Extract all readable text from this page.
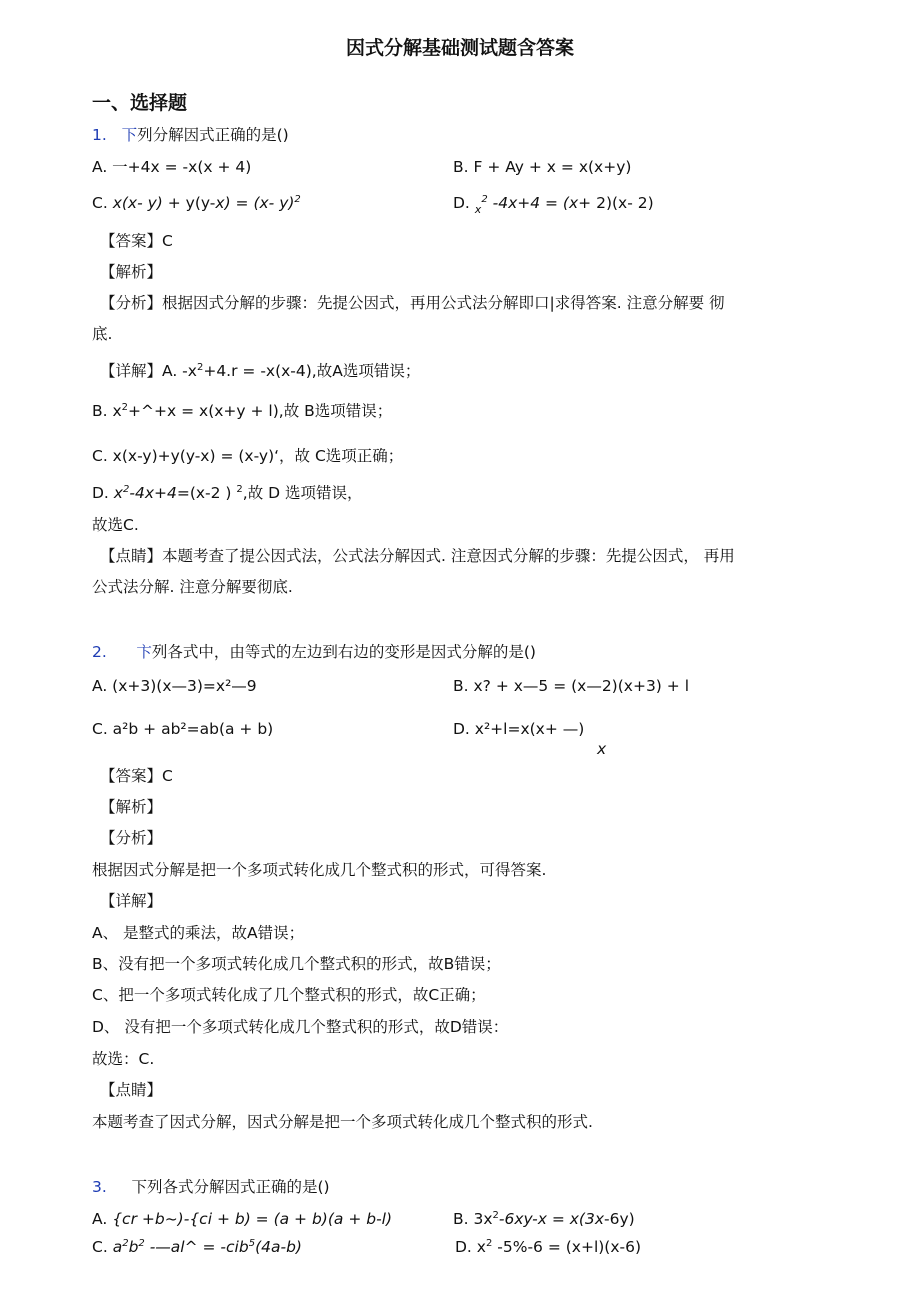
因式分解基础测试题含答案
一、选择题
1. 下列分解因式正确的是()
A. 一+4x = -x(x + 4)	B. F + Ay + x = x(x+y)
C. x(x- y) + y(y-x) = (x- y)$^2$	D. $_x^2$ -4x+4 = (x+ 2)(x- 2)
【答案】C
【解析】
【分析】根据因式分解的步骤：先提公因式，再用公式法分解即口|求得答案. 注意分解要 彻
底.
【详解】A. $-x^2+4.r = -x(x-4)$,故A选项错误；
B. $x^2+\^{}+x = x(x+y + l)$,故 B选项错误；
C. x(x-y)+y(y-x) = (x-y)‘，故 C选项正确；
D. $x^2-4x+4=(x-2$ ) $^2$,故 D 选项错误，
故选C.
【点睛】本题考查了提公因式法，公式法分解因式. 注意因式分解的步骤：先提公因式， 再用
公式法分解. 注意分解要彻底.
2. 卞列各式中，由等式的左边到右边的变形是因式分解的是()
A. (x+3)(x—3)=x²—9	B. x? + x—5 = (x—2)(x+3) + l
C. a²b + ab²=ab(a + b)	D. x²+l=x(x+ —)
x
【答案】C
【解析】
【分析】
根据因式分解是把一个多项式转化成几个整式积的形式，可得答案.
【详解】
A、 是整式的乘法，故A错误；
B、没有把一个多项式转化成几个整式积的形式，故B错误；
C、把一个多项式转化成了几个整式积的形式，故C正确；
D、 没有把一个多项式转化成几个整式积的形式，故D错误：
故选：C.
【点睛】
本题考查了因式分解，因式分解是把一个多项式转化成几个整式积的形式.
3. 下列各式分解因式正确的是()
A. {cr +b~)-{ci + b) = (a + b)(a + b-l)	B. $3x^2-6xy-x = x(3x-6y)$
C. $a^2b^2$ -—al^ = -cib$^5$(4a-b)	D. $x^2$ -5%-6 = (x+l)(x-6)
